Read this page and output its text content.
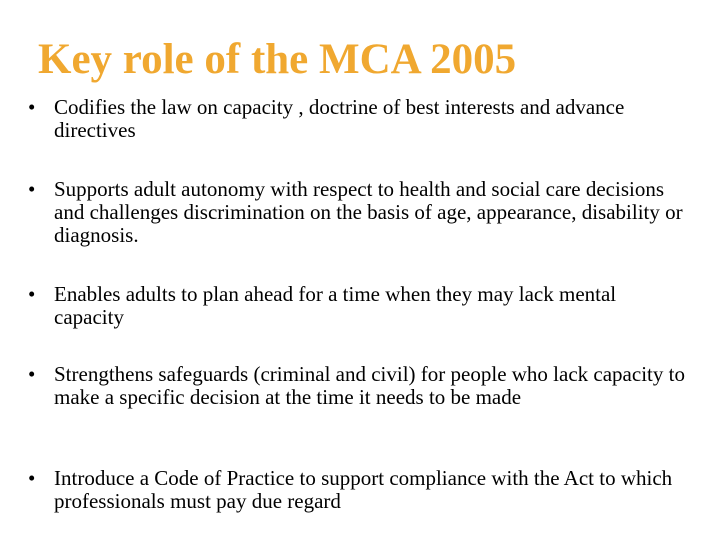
Key role of the MCA 2005
• Codifies the law on capacity , doctrine of best interests and advance directives
• Supports adult autonomy with respect to health and social care decisions and challenges discrimination on the basis of age, appearance, disability or diagnosis.
• Enables adults to plan ahead for a time when they may lack mental capacity
• Strengthens safeguards (criminal and civil) for people who lack capacity to make a specific decision at the time it needs to be made
• Introduce a Code of Practice to support compliance with the Act to which professionals must pay due regard
